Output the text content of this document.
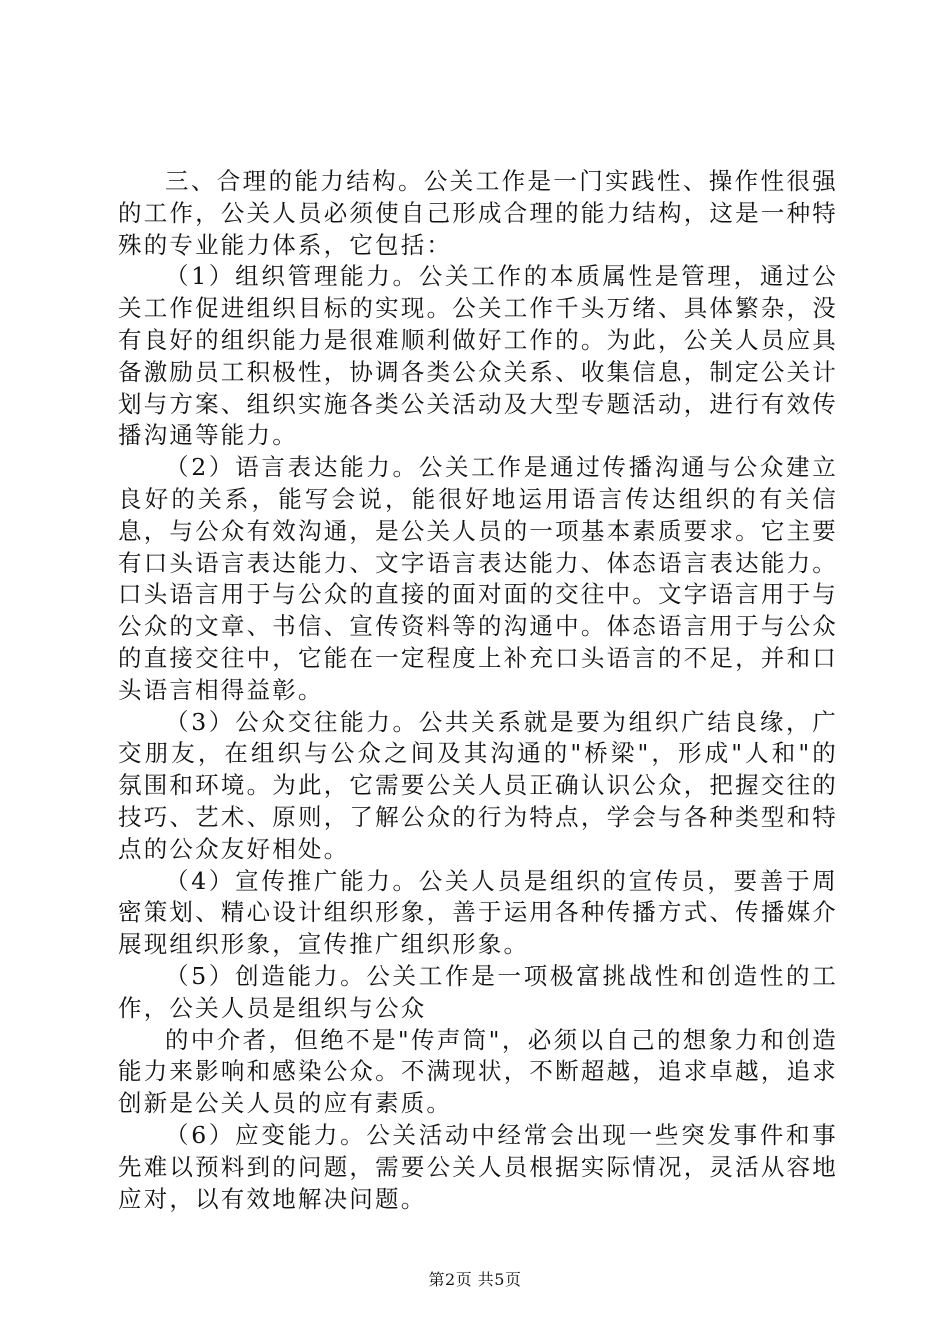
三、合理的能力结构。公关工作是一门实践性、操作性很强的工作，公关人员必须使自己形成合理的能力结构，这是一种特殊的专业能力体系，它包括：

（1）组织管理能力。公关工作的本质属性是管理，通过公关工作促进组织目标的实现。公关工作千头万绪、具体繁杂，没有良好的组织能力是很难顺利做好工作的。为此，公关人员应具备激励员工积极性，协调各类公众关系、收集信息，制定公关计划与方案、组织实施各类公关活动及大型专题活动，进行有效传播沟通等能力。

（2）语言表达能力。公关工作是通过传播沟通与公众建立良好的关系，能写会说，能很好地运用语言传达组织的有关信息，与公众有效沟通，是公关人员的一项基本素质要求。它主要有口头语言表达能力、文字语言表达能力、体态语言表达能力。口头语言用于与公众的直接的面对面的交往中。文字语言用于与公众的文章、书信、宣传资料等的沟通中。体态语言用于与公众的直接交往中，它能在一定程度上补充口头语言的不足，并和口头语言相得益彰。

（3）公众交往能力。公共关系就是要为组织广结良缘，广交朋友，在组织与公众之间及其沟通的"桥梁"，形成"人和"的氛围和环境。为此，它需要公关人员正确认识公众，把握交往的技巧、艺术、原则，了解公众的行为特点，学会与各种类型和特点的公众友好相处。

（4）宣传推广能力。公关人员是组织的宣传员，要善于周密策划、精心设计组织形象，善于运用各种传播方式、传播媒介展现组织形象，宣传推广组织形象。

（5）创造能力。公关工作是一项极富挑战性和创造性的工作，公关人员是组织与公众

的中介者，但绝不是"传声筒"，必须以自己的想象力和创造能力来影响和感染公众。不满现状，不断超越，追求卓越，追求创新是公关人员的应有素质。

（6）应变能力。公关活动中经常会出现一些突发事件和事先难以预料到的问题，需要公关人员根据实际情况，灵活从容地应对，以有效地解决问题。

第2页 共5页
